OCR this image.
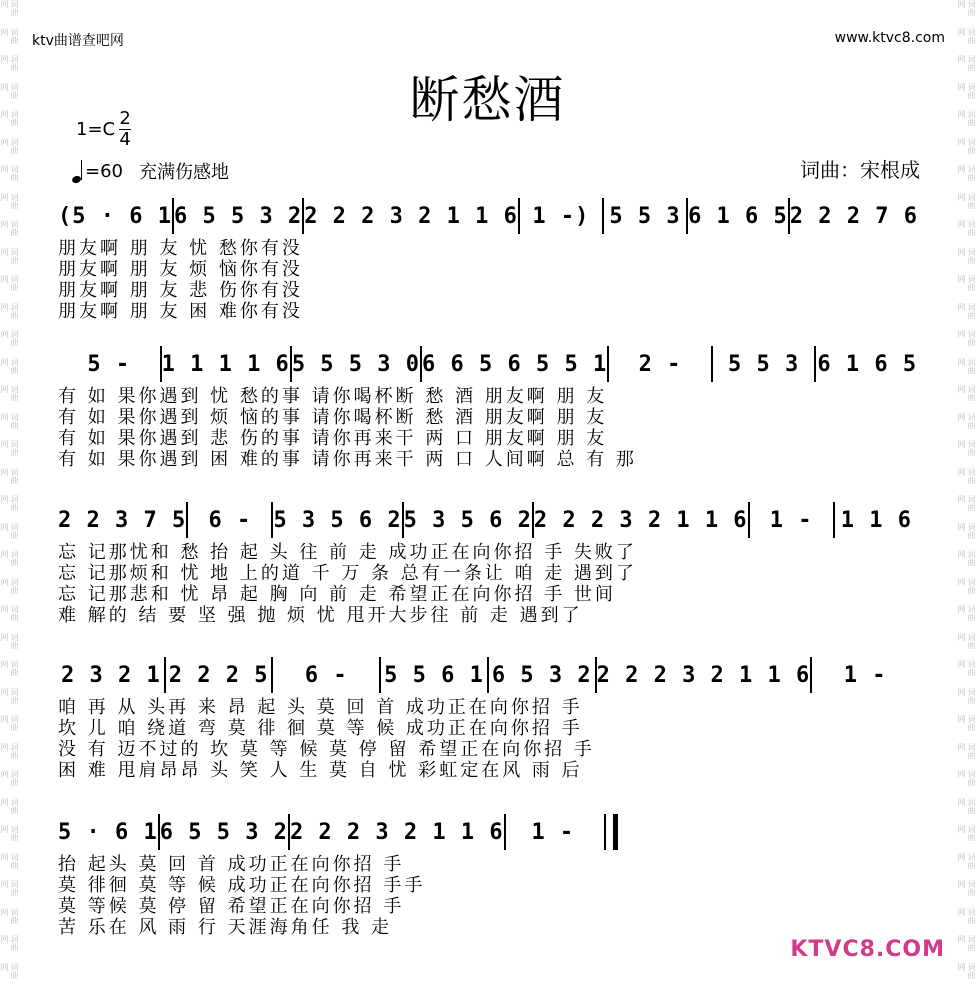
词曲网
词曲网
词曲网
词曲网
词曲网
词曲网
词曲网
词曲网
词曲网
词曲网
词曲网
词曲网
词曲网
词曲网
词曲网
词曲网
词曲网
词曲网
词曲网
词曲网
词曲网
词曲网
词曲网
词曲网
词曲网
词曲网
词曲网
词曲网
词曲网
词曲网
词曲网
词曲网
词曲网
词曲网
词曲网
词曲网
词曲网
词曲网
词曲网
词曲网
词曲网
词曲网
词曲网
词曲网
词曲网
词曲网
词曲网
词曲网
词曲网
词曲网
词曲网
词曲网
词曲网
词曲网
词曲网
词曲网
词曲网
词曲网
词曲网
词曲网
词曲网
词曲网
词曲网
词曲网
词曲网
词曲网
词曲网
词曲网
词曲网
词曲网
词曲网
词曲网
ktv曲谱查吧网	www.ktvc8.com
断愁酒
$1=C \frac{2}{4}$
=60 充满伤感地	词曲：宋根成
(5 · 6 1 6 5 5 3 2 2 2 2 3 2 1 1 6 1 -) 5 5 3 6 1 6 5 2 2 2 7 6
朋友啊 朋 友 忧 愁你有没
朋友啊 朋 友 烦 恼你有没
朋友啊 朋 友 悲 伤你有没
朋友啊 朋 友 困 难你有没
5 -	1 1 1 1 6 5 5 5 3 0 6 6 5 6 5 5 1	2 -	5 5 3 6 1 6 5
有 如 果你遇到 忧 愁的事 请你喝杯断 愁 酒 朋友啊 朋 友
有 如 果你遇到 烦 恼的事 请你喝杯断 愁 酒 朋友啊 朋 友
有 如 果你遇到 悲 伤的事 请你再来干 两 口 朋友啊 朋 友
有 如 果你遇到 困 难的事 请你再来干 两 口 人间啊 总 有 那
2 2 3 7 5	6 -	5 3 5 6 2 5 3 5 6 2 2 2 2 3 2 1 1 6	1 -	1 1 6
忘 记那忧和 愁 抬 起 头 往 前 走 成功正在向你招 手 失败了
忘 记那烦和 忧 地 上的道 千 万 条 总有一条让 咱 走 遇到了
忘 记那悲和 忧 昂 起 胸 向 前 走 希望正在向你招 手 世间
难 解的 结 要 坚 强 抛 烦 忧 甩开大步往 前 走 遇到了
2 3 2 1 2 2 2 5	6 -	5 5 6 1 6 5 3 2 2 2 2 3 2 1 1 6	1 -
咱 再 从 头再 来 昂 起 头 莫 回 首 成功正在向你招 手
坎 儿 咱 绕道 弯 莫 徘 徊 莫 等 候 成功正在向你招 手
没 有 迈不过的 坎 莫 等 候 莫 停 留 希望正在向你招 手
困 难 甩肩昂昂 头 笑 人 生 莫 自 忧 彩虹定在风 雨 后
5 · 6 1 6 5 5 3 2 2 2 2 3 2 1 1 6	1 -
抬 起头 莫 回 首 成功正在向你招 手
莫 徘徊 莫 等 候 成功正在向你招 手手
莫 等候 莫 停 留 希望正在向你招 手
苦 乐在 风 雨 行 天涯海角任 我 走
KTVC8.COM
